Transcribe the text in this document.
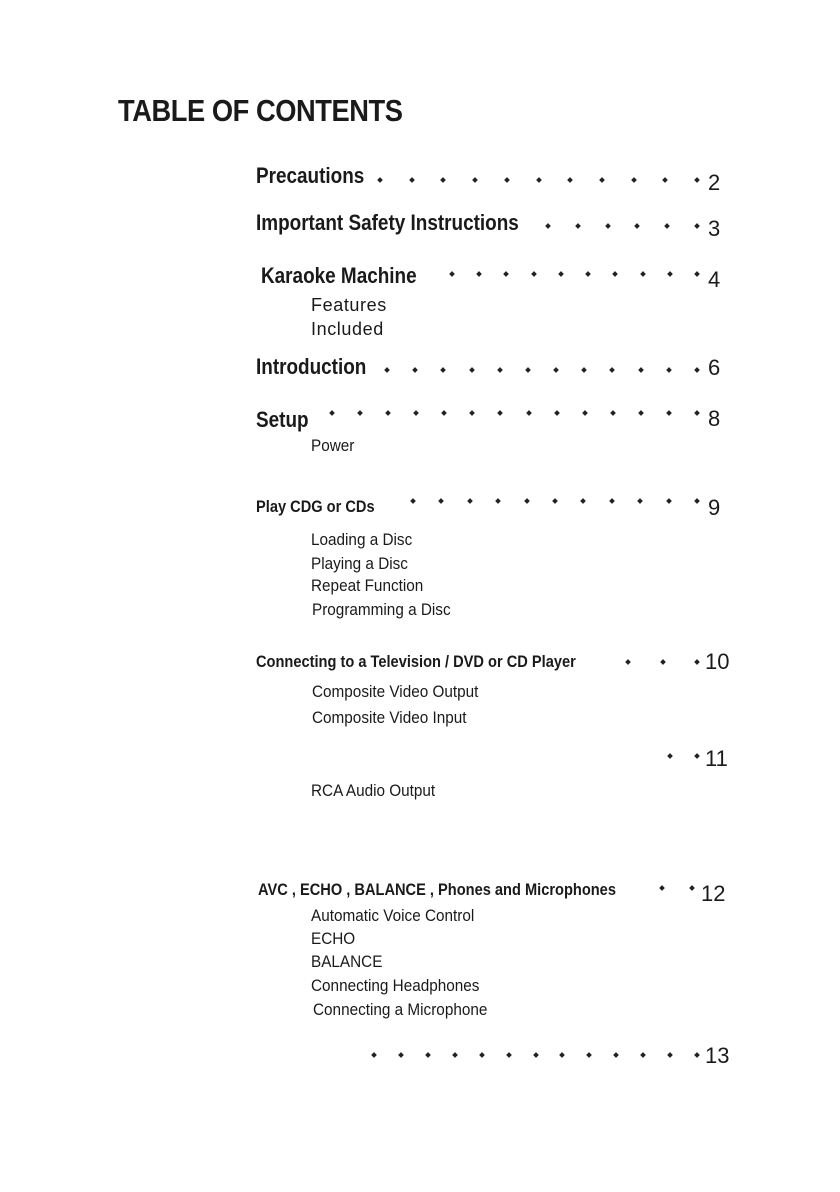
TABLE OF CONTENTS
Precautions	2
Important Safety Instructions	3
Karaoke Machine	4
Features
Included
Introduction	6
Setup	8
Power
Play CDG or CDs	9
Loading a Disc
Playing a Disc
Repeat Function
Programming a Disc
Connecting to a Television / DVD or CD Player	10
Composite Video Output
Composite Video Input
11
RCA Audio Output
AVC , ECHO , BALANCE , Phones and Microphones	12
Automatic Voice Control
ECHO
BALANCE
Connecting Headphones
Connecting a Microphone
13
